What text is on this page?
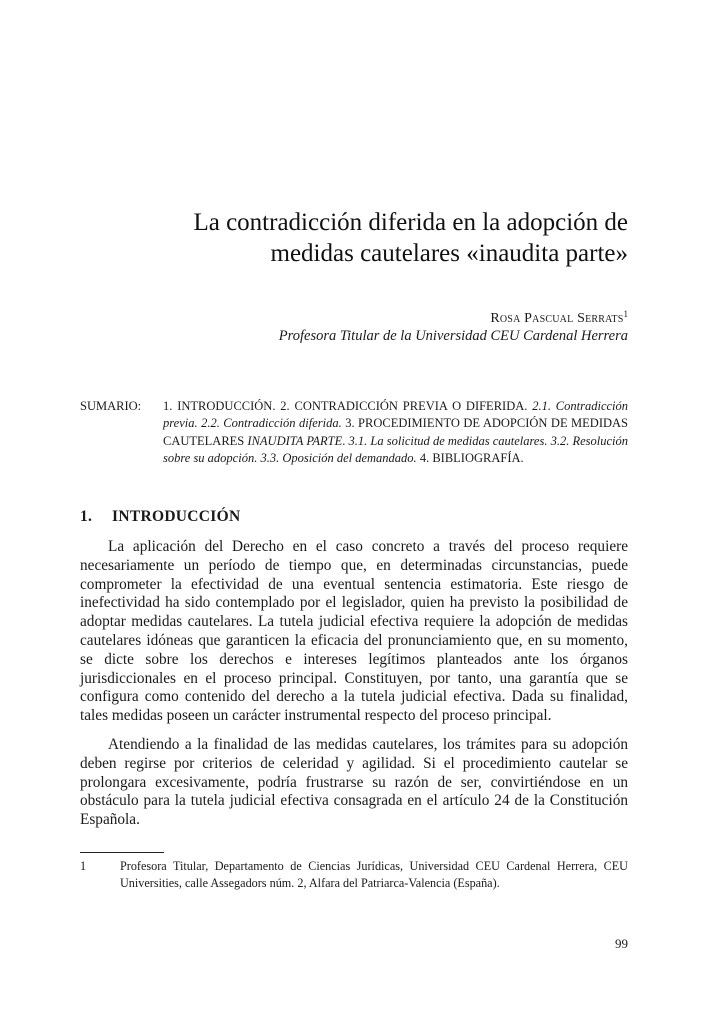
La contradicción diferida en la adopción de
medidas cautelares «inaudita parte»
Rosa Pascual Serrats$^1$
Profesora Titular de la Universidad CEU Cardenal Herrera
SUMARIO: 1. INTRODUCCIÓN. 2. CONTRADICCIÓN PREVIA O DIFERIDA. 2.1. Contradicción previa. 2.2. Contradicción diferida. 3. PROCEDIMIENTO DE ADOPCIÓN DE MEDIDAS CAUTELARES INAUDITA PARTE. 3.1. La solicitud de medidas cautelares. 3.2. Resolución sobre su adopción. 3.3. Oposición del demandado. 4. BIBLIOGRAFÍA.
1. INTRODUCCIÓN

La aplicación del Derecho en el caso concreto a través del proceso requiere necesariamente un período de tiempo que, en determinadas circunstancias, puede comprometer la efectividad de una eventual sentencia estimatoria. Este riesgo de inefectividad ha sido contemplado por el legislador, quien ha previsto la posibilidad de adoptar medidas cautelares. La tutela judicial efectiva requiere la adopción de medidas cautelares idóneas que garanticen la eficacia del pronunciamiento que, en su momento, se dicte sobre los derechos e intereses legítimos planteados ante los órganos jurisdiccionales en el proceso principal. Constituyen, por tanto, una garantía que se configura como contenido del derecho a la tutela judicial efectiva. Dada su finalidad, tales medidas poseen un carácter instrumental respecto del proceso principal.

Atendiendo a la finalidad de las medidas cautelares, los trámites para su adopción deben regirse por criterios de celeridad y agilidad. Si el procedimiento cautelar se prolongara excesivamente, podría frustrarse su razón de ser, convirtiéndose en un obstáculo para la tutela judicial efectiva consagrada en el artículo 24 de la Constitución Española.

1	Profesora Titular, Departamento de Ciencias Jurídicas, Universidad CEU Cardenal Herrera, CEU Universities, calle Assegadors núm. 2, Alfara del Patriarca-Valencia (España).
99
